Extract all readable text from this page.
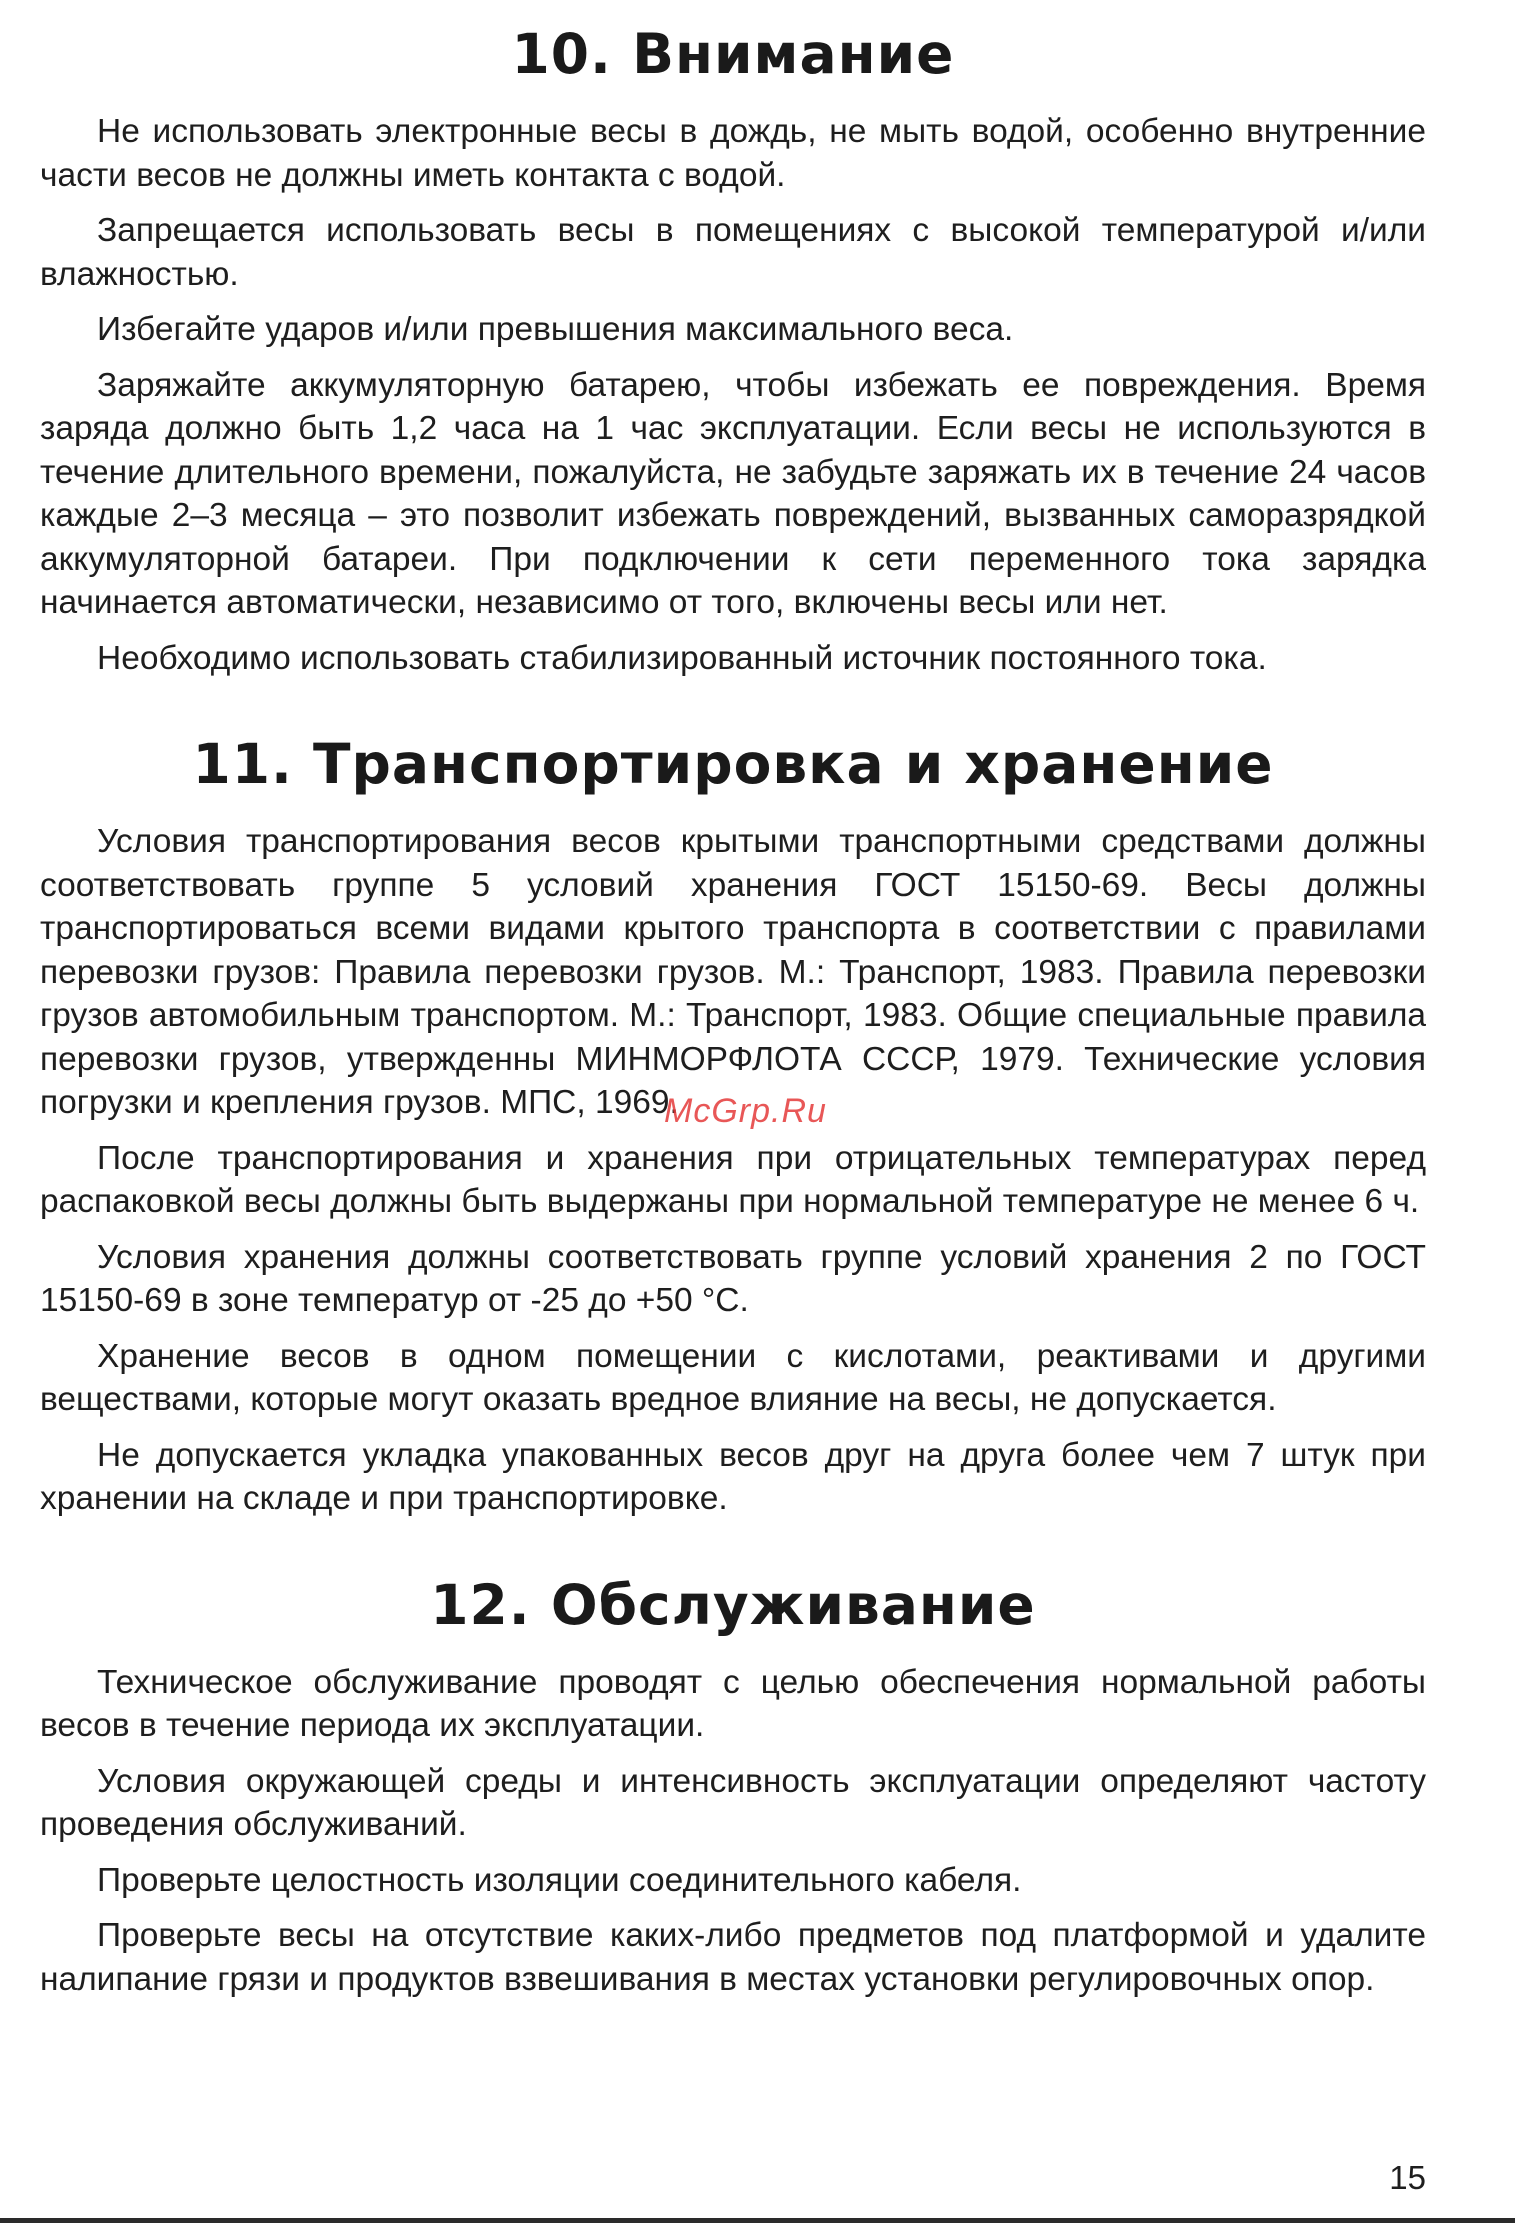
10. Внимание

Не использовать электронные весы в дождь, не мыть водой, особенно внутренние части весов не должны иметь контакта с водой.

Запрещается использовать весы в помещениях с высокой температурой и/или влажностью.

Избегайте ударов и/или превышения максимального веса.

Заряжайте аккумуляторную батарею, чтобы избежать ее повреждения. Время заряда должно быть 1,2 часа на 1 час эксплуатации. Если весы не используются в течение длительного времени, пожалуйста, не забудьте заряжать их в течение 24 часов каждые 2–3 месяца – это позволит избежать повреждений, вызванных саморазрядкой аккумуляторной батареи. При подключении к сети переменного тока зарядка начинается автоматически, независимо от того, включены весы или нет.

Необходимо использовать стабилизированный источник постоянного тока.

11. Транспортировка и хранение

Условия транспортирования весов крытыми транспортными средствами должны соответствовать группе 5 условий хранения ГОСТ 15150-69. Весы должны транспортироваться всеми видами крытого транспорта в соответствии с правилами перевозки грузов: Правила перевозки грузов. М.: Транспорт, 1983. Правила перевозки грузов автомобильным транспортом. М.: Транспорт, 1983. Общие специальные правила перевозки грузов, утвержденны МИНМОРФЛОТА СССР, 1979. Технические условия погрузки и крепления грузов. МПС, 1969.

После транспортирования и хранения при отрицательных температурах перед распаковкой весы должны быть выдержаны при нормальной температуре не менее 6 ч.

Условия хранения должны соответствовать группе условий хранения 2 по ГОСТ 15150-69 в зоне температур от -25 до +50 °С.

Хранение весов в одном помещении с кислотами, реактивами и другими веществами, которые могут оказать вредное влияние на весы, не допускается.

Не допускается укладка упакованных весов друг на друга более чем 7 штук при хранении на складе и при транспортировке.

12. Обслуживание

Техническое обслуживание проводят с целью обеспечения нормальной работы весов в течение периода их эксплуатации.

Условия окружающей среды и интенсивность эксплуатации определяют частоту проведения обслуживаний.

Проверьте целостность изоляции соединительного кабеля.

Проверьте весы на отсутствие каких-либо предметов под платформой и удалите налипание грязи и продуктов взвешивания в местах установки регулировочных опор.

McGrp.Ru
15
